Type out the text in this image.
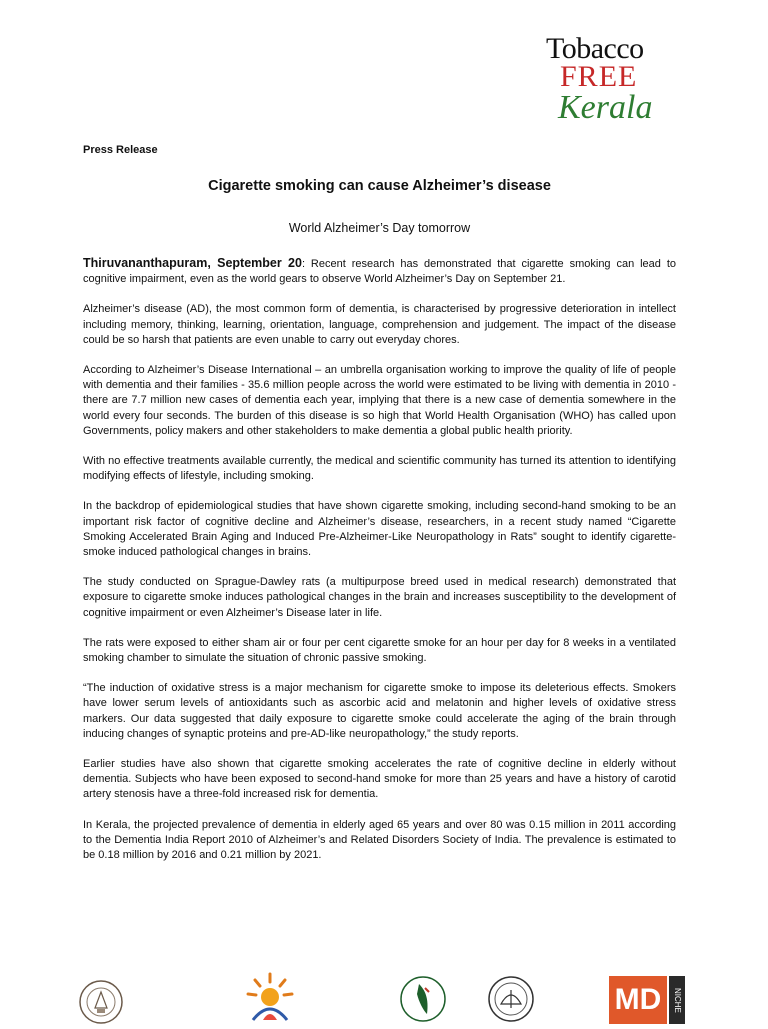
Tobacco
FREE
Kerala
Press Release
Cigarette smoking can cause Alzheimer’s disease
World Alzheimer’s Day tomorrow

Thiruvananthapuram, September 20: Recent research has demonstrated that cigarette smoking can lead to cognitive impairment, even as the world gears to observe World Alzheimer’s Day on September 21.

Alzheimer’s disease (AD), the most common form of dementia, is characterised by progressive deterioration in intellect including memory, thinking, learning, orientation, language, comprehension and judgement. The impact of the disease could be so harsh that patients are even unable to carry out everyday chores.

According to Alzheimer’s Disease International – an umbrella organisation working to improve the quality of life of people with dementia and their families - 35.6 million people across the world were estimated to be living with dementia in 2010 - there are 7.7 million new cases of dementia each year, implying that there is a new case of dementia somewhere in the world every four seconds. The burden of this disease is so high that World Health Organisation (WHO) has called upon Governments, policy makers and other stakeholders to make dementia a global public health priority.

With no effective treatments available currently, the medical and scientific community has turned its attention to identifying modifying effects of lifestyle, including smoking.

In the backdrop of epidemiological studies that have shown cigarette smoking, including second-hand smoking to be an important risk factor of cognitive decline and Alzheimer’s disease, researchers, in a recent study named “Cigarette Smoking Accelerated Brain Aging and Induced Pre-Alzheimer-Like Neuropathology in Rats” sought to identify cigarette-smoke induced pathological changes in brains.

The study conducted on Sprague-Dawley rats (a multipurpose breed used in medical research) demonstrated that exposure to cigarette smoke induces pathological changes in the brain and increases susceptibility to the development of cognitive impairment or even Alzheimer’s Disease later in life.

The rats were exposed to either sham air or four per cent cigarette smoke for an hour per day for 8 weeks in a ventilated smoking chamber to simulate the situation of chronic passive smoking.

“The induction of oxidative stress is a major mechanism for cigarette smoke to impose its deleterious effects. Smokers have lower serum levels of antioxidants such as ascorbic acid and melatonin and higher levels of oxidative stress markers. Our data suggested that daily exposure to cigarette smoke could accelerate the aging of the brain through inducing changes of synaptic proteins and pre-AD-like neuropathology,” the study reports.

Earlier studies have also shown that cigarette smoking accelerates the rate of cognitive decline in elderly without dementia. Subjects who have been exposed to second-hand smoke for more than 25 years and have a history of carotid artery stenosis have a three-fold increased risk for dementia.

In Kerala, the projected prevalence of dementia in elderly aged 65 years and over 80 was 0.15 million in 2011 according to the Dementia India Report 2010 of Alzheimer’s and Related Disorders Society of India. The prevalence is estimated to be 0.18 million by 2016 and 0.21 million by 2021.

MD	NICHE
